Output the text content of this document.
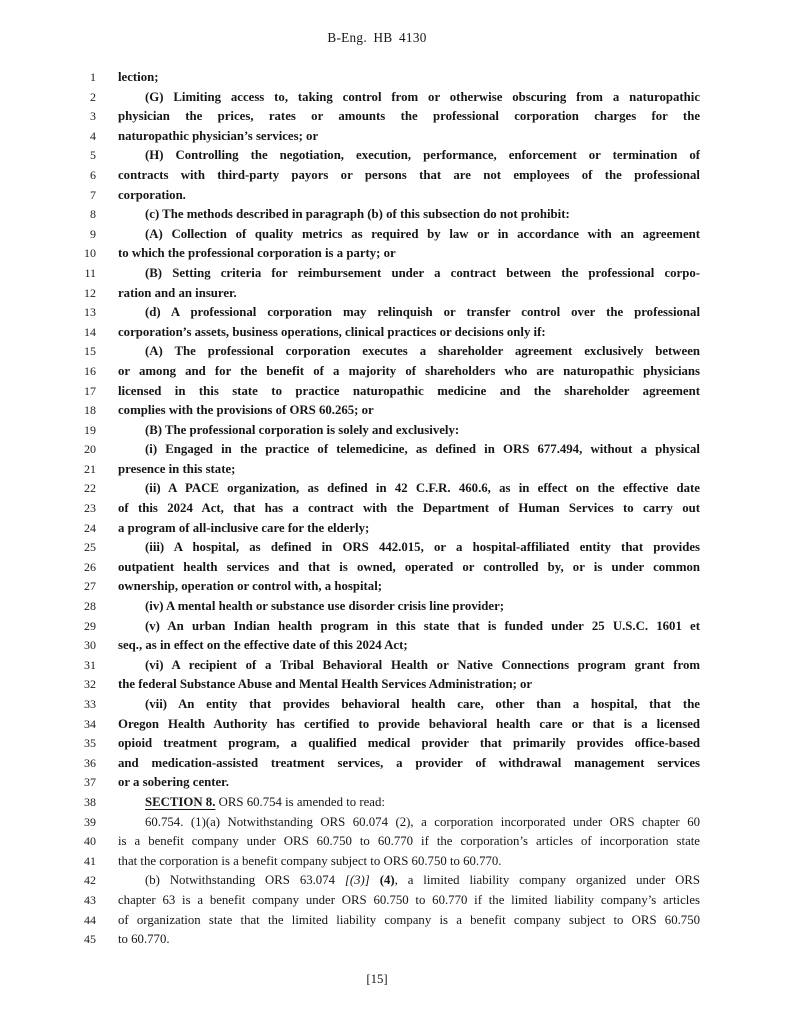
B-Eng. HB 4130
1 lection;
2	(G) Limiting access to, taking control from or otherwise obscuring from a naturopathic
3 physician the prices, rates or amounts the professional corporation charges for the
4 naturopathic physician’s services; or
5	(H) Controlling the negotiation, execution, performance, enforcement or termination of
6 contracts with third-party payors or persons that are not employees of the professional
7 corporation.
8	(c) The methods described in paragraph (b) of this subsection do not prohibit:
9	(A) Collection of quality metrics as required by law or in accordance with an agreement
10 to which the professional corporation is a party; or
11	(B) Setting criteria for reimbursement under a contract between the professional corpo-
12 ration and an insurer.
13	(d) A professional corporation may relinquish or transfer control over the professional
14 corporation’s assets, business operations, clinical practices or decisions only if:
15	(A) The professional corporation executes a shareholder agreement exclusively between
16 or among and for the benefit of a majority of shareholders who are naturopathic physicians
17 licensed in this state to practice naturopathic medicine and the shareholder agreement
18 complies with the provisions of ORS 60.265; or
19	(B) The professional corporation is solely and exclusively:
20	(i) Engaged in the practice of telemedicine, as defined in ORS 677.494, without a physical
21 presence in this state;
22	(ii) A PACE organization, as defined in 42 C.F.R. 460.6, as in effect on the effective date
23 of this 2024 Act, that has a contract with the Department of Human Services to carry out
24 a program of all-inclusive care for the elderly;
25	(iii) A hospital, as defined in ORS 442.015, or a hospital-affiliated entity that provides
26 outpatient health services and that is owned, operated or controlled by, or is under common
27 ownership, operation or control with, a hospital;
28	(iv) A mental health or substance use disorder crisis line provider;
29	(v) An urban Indian health program in this state that is funded under 25 U.S.C. 1601 et
30 seq., as in effect on the effective date of this 2024 Act;
31	(vi) A recipient of a Tribal Behavioral Health or Native Connections program grant from
32 the federal Substance Abuse and Mental Health Services Administration; or
33	(vii) An entity that provides behavioral health care, other than a hospital, that the
34 Oregon Health Authority has certified to provide behavioral health care or that is a licensed
35 opioid treatment program, a qualified medical provider that primarily provides office-based
36 and medication-assisted treatment services, a provider of withdrawal management services
37 or a sobering center.
38	SECTION 8. ORS 60.754 is amended to read:
39	60.754. (1)(a) Notwithstanding ORS 60.074 (2), a corporation incorporated under ORS chapter 60
40 is a benefit company under ORS 60.750 to 60.770 if the corporation’s articles of incorporation state
41 that the corporation is a benefit company subject to ORS 60.750 to 60.770.
42	(b) Notwithstanding ORS 63.074 [(3)] (4), a limited liability company organized under ORS
43 chapter 63 is a benefit company under ORS 60.750 to 60.770 if the limited liability company’s articles
44 of organization state that the limited liability company is a benefit company subject to ORS 60.750
45 to 60.770.
[15]
